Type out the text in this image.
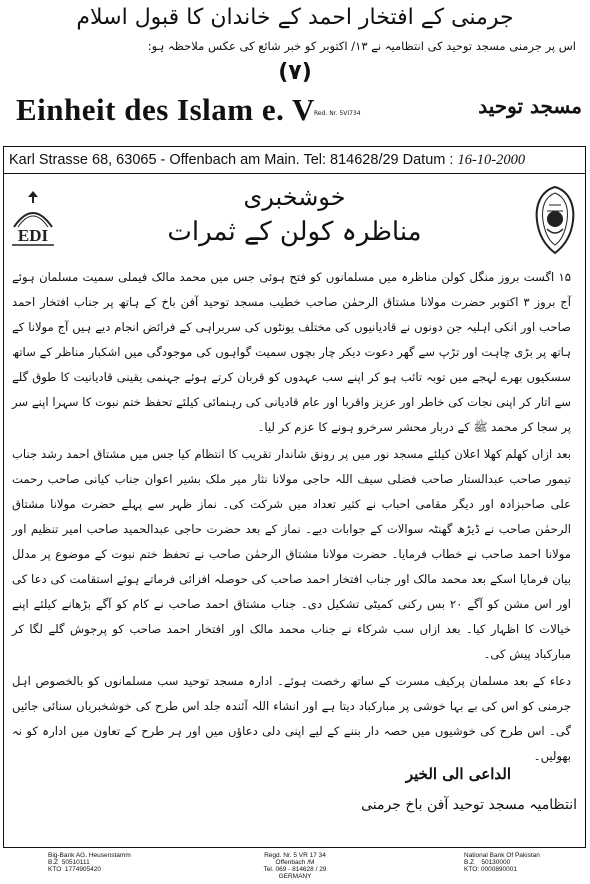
جرمنی کے افتخار احمد کے خاندان کا قبول اسلام
اس پر جرمنی مسجد توحید کی انتظامیہ نے ۱۳/ اکتوبر کو خبر شائع کی عکس ملاحظہ ہو:
(۷)
Einheit des Islam e. V Red. Nr. 5VI734	مسجد توحید
Karl Strasse 68, 63065 - Offenbach am Main. Tel: 814628/29 Datum : 16-10-2000
EDI
خوشخبری
مناظرہ کولن کے ثمرات

۱۵ اگست بروز منگل کولن مناظرہ میں مسلمانوں کو فتح ہوئی جس میں محمد مالک فیملی سمیت مسلمان ہوئے آج بروز ۳ اکتوبر حضرت مولانا مشتاق الرحمٰن صاحب خطیب مسجد توحید آفن باخ کے ہاتھ پر جناب افتخار احمد صاحب اور انکی اہلیہ جن دونوں نے قادیانیوں کی مختلف یونٹوں کی سربراہی کے فرائض انجام دیے ہیں آج مولانا کے ہاتھ پر بڑی چاہت اور تڑپ سے گھر دعوت دیکر چار بچوں سمیت گواہوں کی موجودگی میں اشکبار مناظر کے ساتھ سسکیوں بھرے لہجے میں توبہ تائب ہو کر اپنے سب عہدوں کو قربان کرتے ہوئے جہنمی یقینی قادیانیت کا طوق گلے سے اتار کر اپنی نجات کی خاطر اور عزیز واقربا اور عام قادیانی کی رہنمائی کیلئے تحفظ ختم نبوت کا سہرا اپنے سر پر سجا کر محمد ﷺ کے دربار محشر سرخرو ہونے کا عزم کر لیا۔

بعد ازاں کھلم کھلا اعلان کیلئے مسجد نور میں پر رونق شاندار تقریب کا انتظام کیا جس میں مشتاق احمد رشد جناب تیمور صاحب عبدالستار صاحب فضلی سیف اللہ حاجی مولانا نثار میر ملک بشیر اعوان جناب کیانی صاحب رحمت علی صاحبزادہ اور دیگر مقامی احباب نے کثیر تعداد میں شرکت کی۔ نماز ظہر سے پہلے حضرت مولانا مشتاق الرحمٰن صاحب نے ڈیڑھ گھنٹہ سوالات کے جوابات دیے۔ نماز کے بعد حضرت حاجی عبدالحمید صاحب امیر تنظیم اور مولانا احمد صاحب نے خطاب فرمایا۔ حضرت مولانا مشتاق الرحمٰن صاحب نے تحفظ ختم نبوت کے موضوع پر مدلل بیان فرمایا اسکے بعد محمد مالک اور جناب افتخار احمد صاحب کی حوصلہ افزائی فرماتے ہوئے استقامت کی دعا کی اور اس مشن کو آگے ۲۰ بس رکنی کمیٹی تشکیل دی۔ جناب مشتاق احمد صاحب نے کام کو آگے بڑھانے کیلئے اپنے خیالات کا اظہار کیا۔ بعد ازاں سب شرکاء نے جناب محمد مالک اور افتخار احمد صاحب کو پرجوش گلے لگا کر مبارکباد پیش کی۔

دعاء کے بعد مسلمان پرکیف مسرت کے ساتھ رخصت ہوئے۔ ادارہ مسجد توحید سب مسلمانوں کو بالخصوص اہل جرمنی کو اس کی بے بہا خوشی پر مبارکباد دیتا ہے اور انشاء اللہ آئندہ جلد اس طرح کی خوشخبریاں سنائی جائیں گی۔ اس طرح کی خوشیوں میں حصہ دار بننے کے لیے اپنی دلی دعاؤں میں اور ہر طرح کے تعاون میں ادارہ کو نہ بھولیں۔

الداعی الی الخیر
انتظامیہ مسجد توحید آفن باخ جرمنی
Big-Bank AG. Heusenstamm
B.Z  50510111
KTO  1774905420
Regd. Nr. 5 VR 17 34
Offenbach /M
Tel. 069 - 814628 / 29
GERMANY
National Bank Of Pakistan
B.Z    50130000
KTO: 0000890001
